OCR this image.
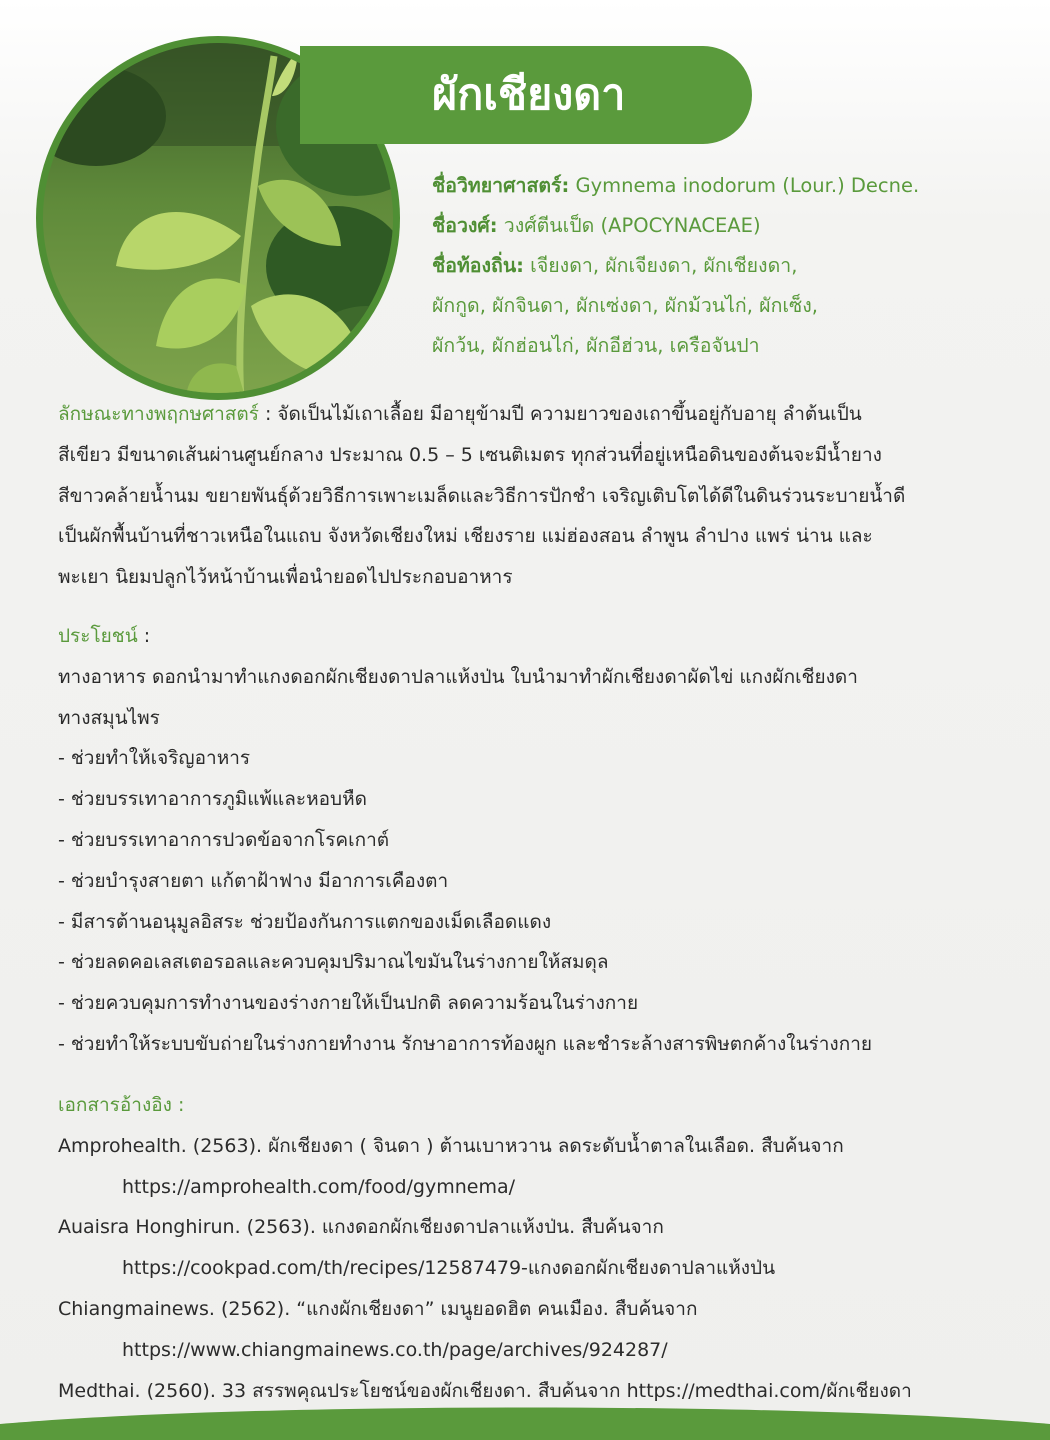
ผักเชียงดา
ชื่อวิทยาศาสตร์: Gymnema inodorum (Lour.) Decne.
ชื่อวงศ์: วงศ์ตีนเป็ด (APOCYNACEAE)
ชื่อท้องถิ่น: เจียงดา, ผักเจียงดา, ผักเชียงดา,
ผักกูด, ผักจินดา, ผักเซ่งดา, ผักม้วนไก่, ผักเซ็ง,
ผักว้น, ผักฮ่อนไก่, ผักอีฮ่วน, เครือจันปา
ลักษณะทางพฤกษศาสตร์ : จัดเป็นไม้เถาเลื้อย มีอายุข้ามปี ความยาวของเถาขึ้นอยู่กับอายุ ลำต้นเป็น
สีเขียว มีขนาดเส้นผ่านศูนย์กลาง ประมาณ 0.5 – 5 เซนติเมตร ทุกส่วนที่อยู่เหนือดินของต้นจะมีน้ำยาง
สีขาวคล้ายน้ำนม ขยายพันธุ์ด้วยวิธีการเพาะเมล็ดและวิธีการปักชำ เจริญเติบโตได้ดีในดินร่วนระบายน้ำดี
เป็นผักพื้นบ้านที่ชาวเหนือในแถบ จังหวัดเชียงใหม่ เชียงราย แม่ฮ่องสอน ลำพูน ลำปาง แพร่ น่าน และ
พะเยา นิยมปลูกไว้หน้าบ้านเพื่อนำยอดไปประกอบอาหาร
ประโยชน์ :
ทางอาหาร ดอกนำมาทำแกงดอกผักเชียงดาปลาแห้งป่น ใบนำมาทำผักเชียงดาผัดไข่ แกงผักเชียงดา
ทางสมุนไพร
- ช่วยทำให้เจริญอาหาร
- ช่วยบรรเทาอาการภูมิแพ้และหอบหืด
- ช่วยบรรเทาอาการปวดข้อจากโรคเกาต์
- ช่วยบำรุงสายตา แก้ตาฝ้าฟาง มีอาการเคืองตา
- มีสารต้านอนุมูลอิสระ ช่วยป้องกันการแตกของเม็ดเลือดแดง
- ช่วยลดคอเลสเตอรอลและควบคุมปริมาณไขมันในร่างกายให้สมดุล
- ช่วยควบคุมการทำงานของร่างกายให้เป็นปกติ ลดความร้อนในร่างกาย
- ช่วยทำให้ระบบขับถ่ายในร่างกายทำงาน รักษาอาการท้องผูก และชำระล้างสารพิษตกค้างในร่างกาย
เอกสารอ้างอิง :
Amprohealth. (2563). ผักเชียงดา ( จินดา ) ต้านเบาหวาน ลดระดับน้ำตาลในเลือด. สืบค้นจาก
https://amprohealth.com/food/gymnema/
Auaisra Honghirun. (2563). แกงดอกผักเชียงดาปลาแห้งป่น. สืบค้นจาก
https://cookpad.com/th/recipes/12587479-แกงดอกผักเชียงดาปลาแห้งป่น
Chiangmainews. (2562). “แกงผักเชียงดา” เมนูยอดฮิต คนเมือง. สืบค้นจาก
https://www.chiangmainews.co.th/page/archives/924287/
Medthai. (2560). 33 สรรพคุณประโยชน์ของผักเชียงดา. สืบค้นจาก https://medthai.com/ผักเชียงดา
